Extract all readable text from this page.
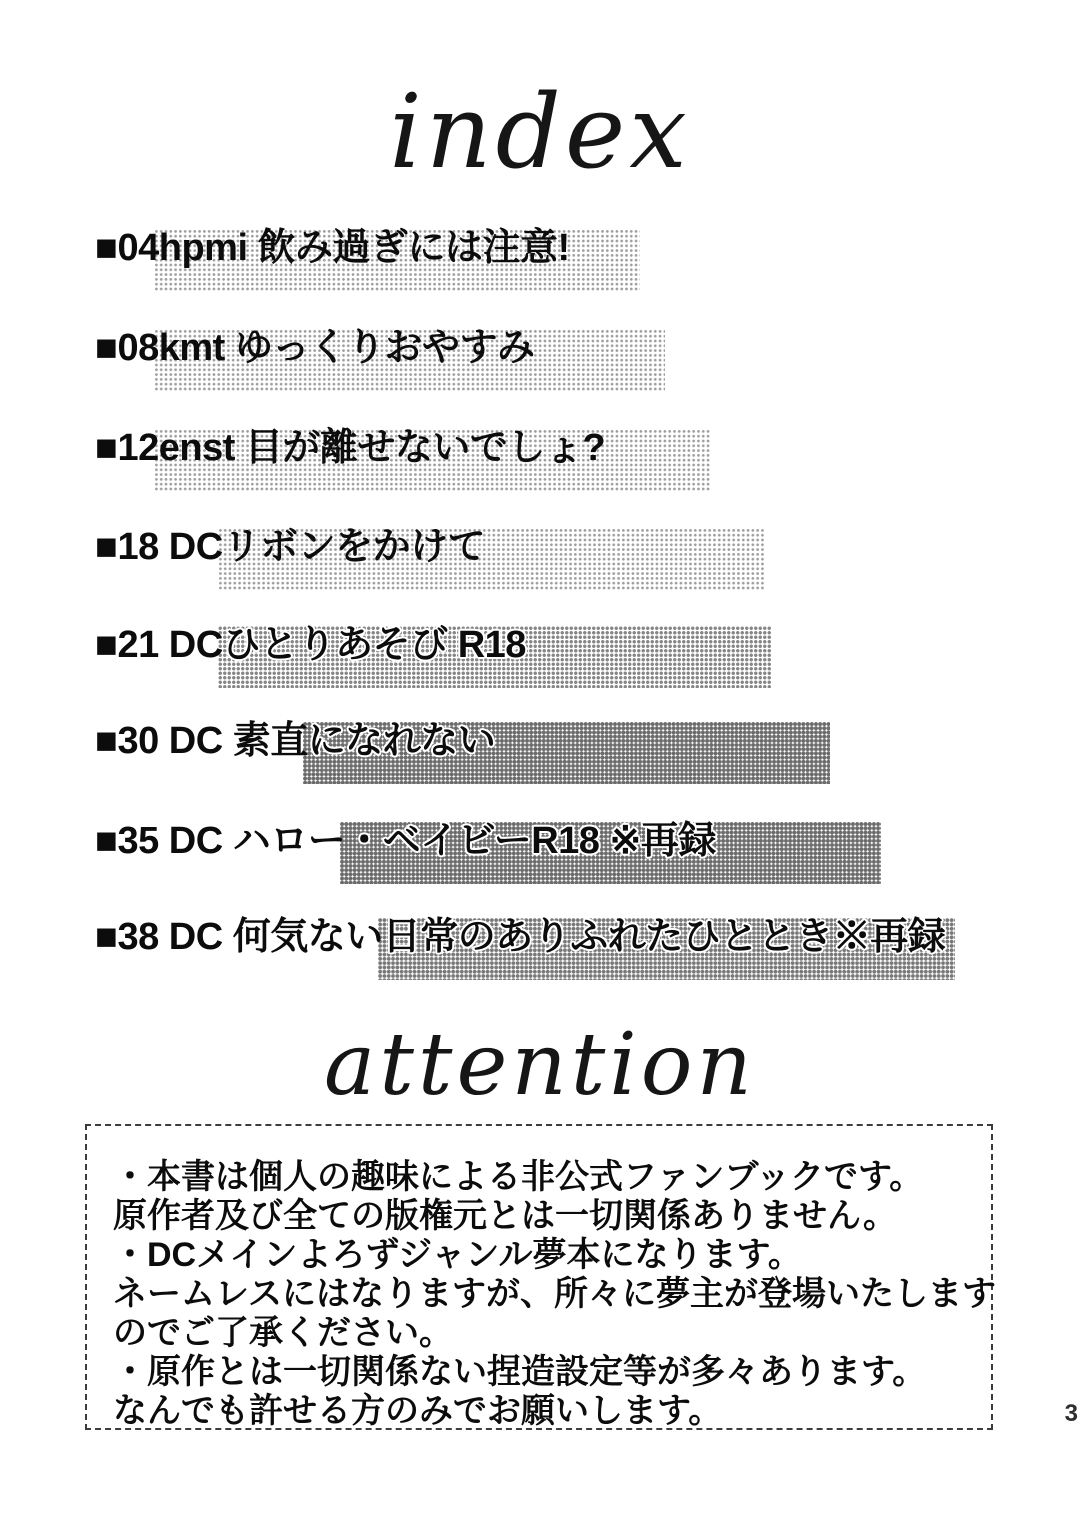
index
■04hpmi 飲み過ぎには注意!
■08kmt ゆっくりおやすみ
■12enst 目が離せないでしょ?
■18 DCリボンをかけて
■21 DCひとりあそび R18
■30 DC 素直になれない
■35 DC ハロー・ベイビーR18 ※再録
■38 DC 何気ない日常のありふれたひととき※再録
attention
・本書は個人の趣味による非公式ファンブックです。
原作者及び全ての版権元とは一切関係ありません。
・DCメインよろずジャンル夢本になります。
ネームレスにはなりますが、所々に夢主が登場いたします
のでご了承ください。
・原作とは一切関係ない捏造設定等が多々あります。
なんでも許せる方のみでお願いします。	3
